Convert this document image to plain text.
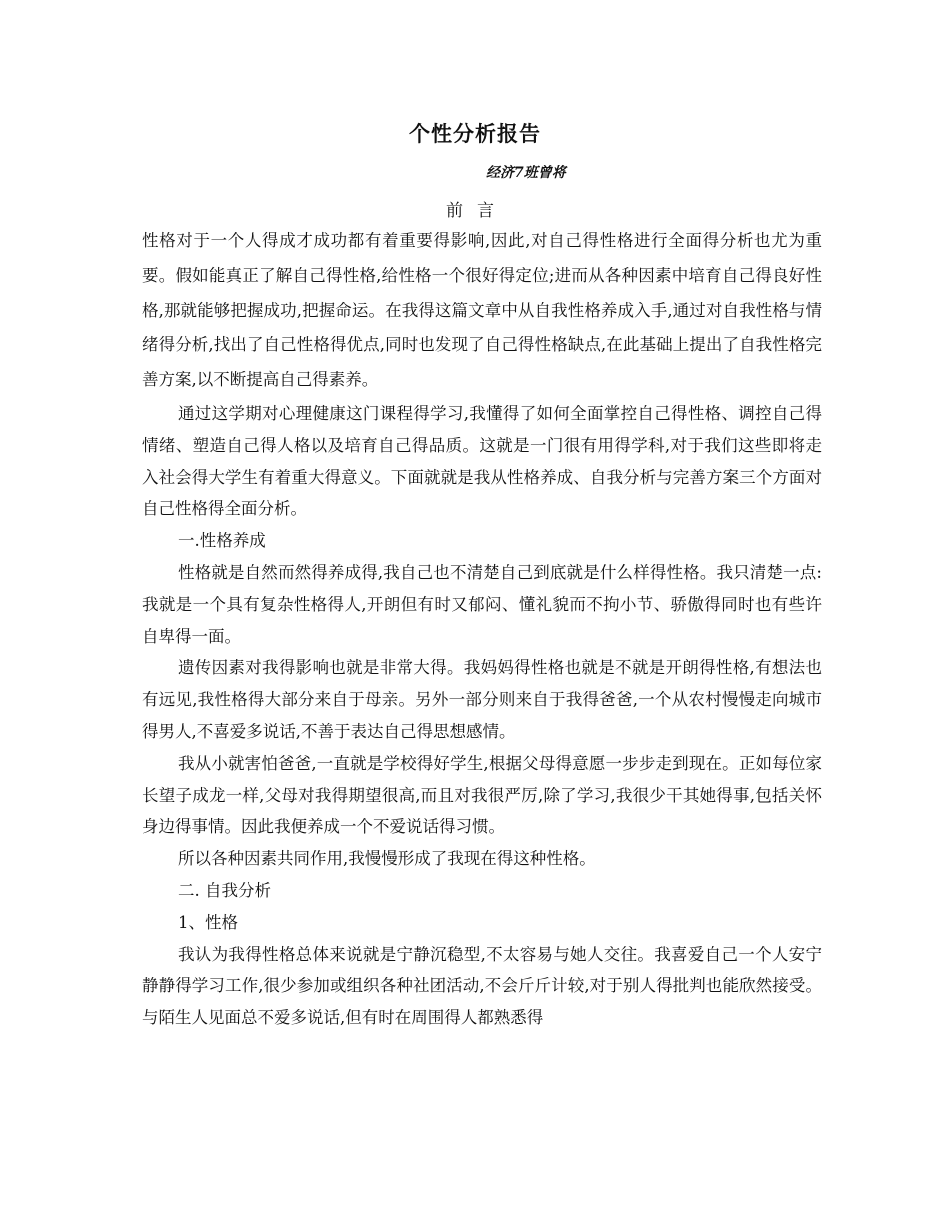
个性分析报告
经济7班曾将
前言

性格对于一个人得成才成功都有着重要得影响,因此,对自己得性格进行全面得分析也尤为重要。假如能真正了解自己得性格,给性格一个很好得定位;进而从各种因素中培育自己得良好性格,那就能够把握成功,把握命运。在我得这篇文章中从自我性格养成入手,通过对自我性格与情绪得分析,找出了自己性格得优点,同时也发现了自己得性格缺点,在此基础上提出了自我性格完善方案,以不断提高自己得素养。

通过这学期对心理健康这门课程得学习,我懂得了如何全面掌控自己得性格、调控自己得情绪、塑造自己得人格以及培育自己得品质。这就是一门很有用得学科,对于我们这些即将走入社会得大学生有着重大得意义。下面就就是我从性格养成、自我分析与完善方案三个方面对自己性格得全面分析。

一.性格养成

性格就是自然而然得养成得,我自己也不清楚自己到底就是什么样得性格。我只清楚一点:我就是一个具有复杂性格得人,开朗但有时又郁闷、懂礼貌而不拘小节、骄傲得同时也有些许自卑得一面。

遗传因素对我得影响也就是非常大得。我妈妈得性格也就是不就是开朗得性格,有想法也有远见,我性格得大部分来自于母亲。另外一部分则来自于我得爸爸,一个从农村慢慢走向城市得男人,不喜爱多说话,不善于表达自己得思想感情。

我从小就害怕爸爸,一直就是学校得好学生,根据父母得意愿一步步走到现在。正如每位家长望子成龙一样,父母对我得期望很高,而且对我很严厉,除了学习,我很少干其她得事,包括关怀身边得事情。因此我便养成一个不爱说话得习惯。

所以各种因素共同作用,我慢慢形成了我现在得这种性格。

二. 自我分析

1、性格

我认为我得性格总体来说就是宁静沉稳型,不太容易与她人交往。我喜爱自己一个人安宁静静得学习工作,很少参加或组织各种社团活动,不会斤斤计较,对于别人得批判也能欣然接受。与陌生人见面总不爱多说话,但有时在周围得人都熟悉得
